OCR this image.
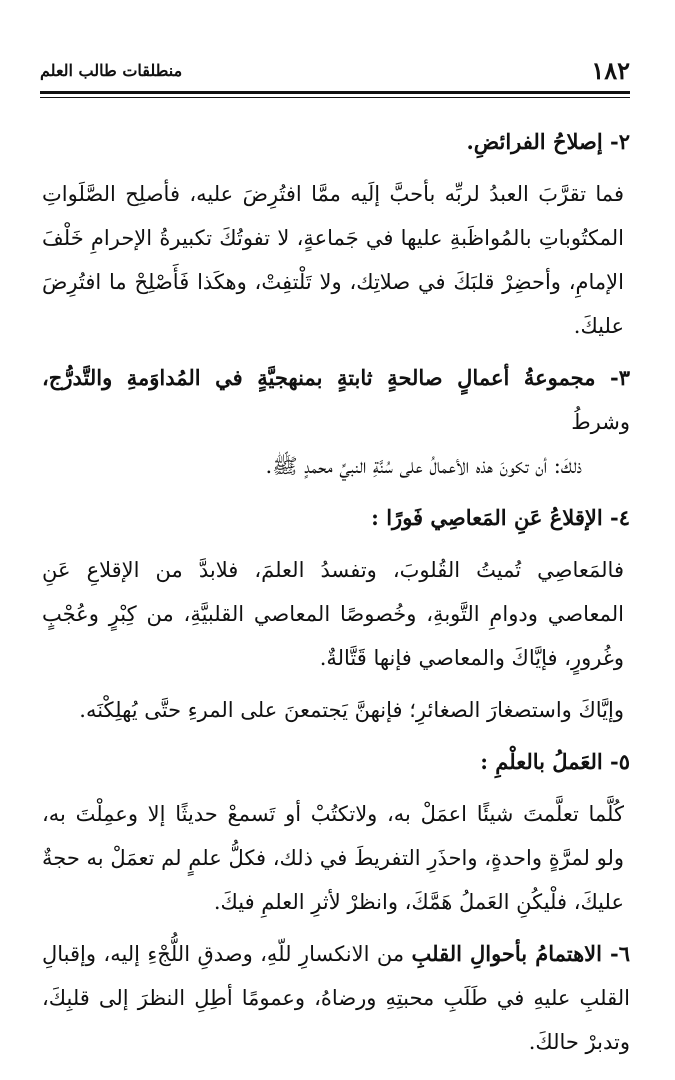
١٨٢
منطلقات طالب العلم

٢- إصلاحُ الفرائضِ.

فما تقرَّبَ العبدُ لربِّه بأحبَّ إلَيه ممَّا افتُرِضَ عليه، فأصلِح الصَّلَواتِ المكتُوباتِ بالمُواظَبةِ عليها في جَماعةٍ، لا تفوتُكَ تكبيرةُ الإحرامِ خَلْفَ الإمامِ، وأحضِرْ قلبَكَ في صلاتِك، ولا تَلْتفِتْ، وهكَذا فَأَصْلِحْ ما افتُرِضَ عليكَ.

٣- مجموعةُ أعمالٍ صالحةٍ ثابتةٍ بمنهجيَّةٍ في المُداوَمةِ والتَّدرُّج، وشرطُ

ذلكَ: أن تكونَ هذه الأعمالُ على سُنَّةِ النبيِّ محمدٍ ﷺ.

٤- الإقلاعُ عَنِ المَعاصِي فَورًا :

فالمَعاصِي تُميتُ القُلوبَ، وتفسدُ العلمَ، فلابدَّ من الإقلاعِ عَنِ المعاصي ودوامِ التَّوبةِ، وخُصوصًا المعاصي القلبيَّةِ، من كِبْرٍ وعُجْبٍ وغُرورٍ، فإيَّاكَ والمعاصي فإنها قَتَّالةٌ.

وإيَّاكَ واستصغارَ الصغائرِ؛ فإنهنَّ يَجتمعنَ على المرءِ حتَّى يُهلِكْنَه.

٥- العَملُ بالعلْمِ :

كُلَّما تعلَّمتَ شيئًا اعمَلْ به، ولاتكتُبْ أو تَسمعْ حديثًا إلا وعمِلْتَ به، ولو لمرَّةٍ واحدةٍ، واحذَرِ التفريطَ في ذلك، فكلُّ علمٍ لم تعمَلْ به حجةٌ عليكَ، فلْيكُنِ العَملُ هَمَّكَ، وانظرْ لأثرِ العلمِ فيكَ.

٦- الاهتمامُ بأحوالِ القلبِ من الانكسارِ للّهِ، وصدقِ اللُّجْءِ إليه، وإقبالِ القلبِ عليهِ في طَلَبِ محبتِهِ ورضاهُ، وعمومًا أطِلِ النظرَ إلى قلبِكَ، وتدبرْ حالكَ.
